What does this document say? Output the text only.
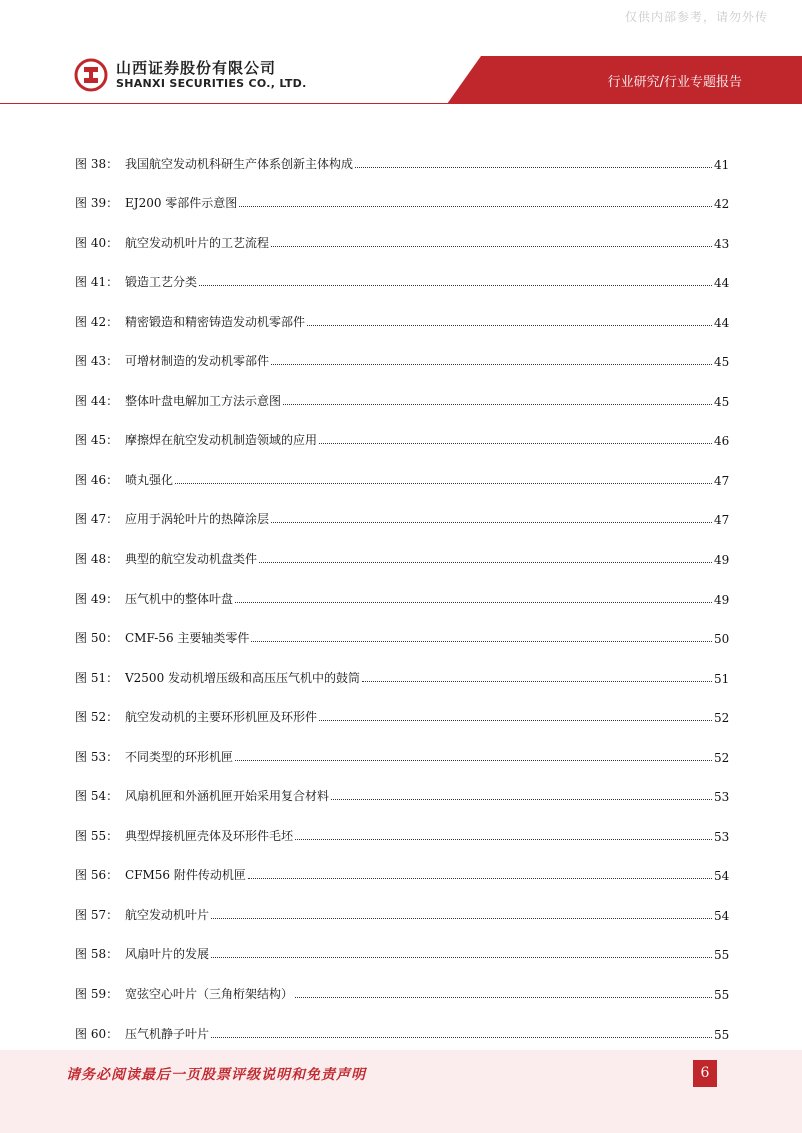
仅供内部参考，请勿外传
山西证券股份有限公司
SHANXI SECURITIES CO., LTD.	行业研究/行业专题报告
图 38： 我国航空发动机科研生产体系创新主体构成	41
图 39： EJ200 零部件示意图	42
图 40： 航空发动机叶片的工艺流程	43
图 41： 锻造工艺分类	44
图 42： 精密锻造和精密铸造发动机零部件	44
图 43： 可增材制造的发动机零部件	45
图 44： 整体叶盘电解加工方法示意图	45
图 45： 摩擦焊在航空发动机制造领域的应用	46
图 46： 喷丸强化	47
图 47： 应用于涡轮叶片的热障涂层	47
图 48： 典型的航空发动机盘类件	49
图 49： 压气机中的整体叶盘	49
图 50： CMF-56 主要轴类零件	50
图 51： V2500 发动机增压级和高压压气机中的鼓筒	51
图 52： 航空发动机的主要环形机匣及环形件	52
图 53： 不同类型的环形机匣	52
图 54： 风扇机匣和外涵机匣开始采用复合材料	53
图 55： 典型焊接机匣壳体及环形件毛坯	53
图 56： CFM56 附件传动机匣	54
图 57： 航空发动机叶片	54
图 58： 风扇叶片的发展	55
图 59： 宽弦空心叶片（三角桁架结构）	55
图 60： 压气机静子叶片	55
请务必阅读最后一页股票评级说明和免责声明	6
